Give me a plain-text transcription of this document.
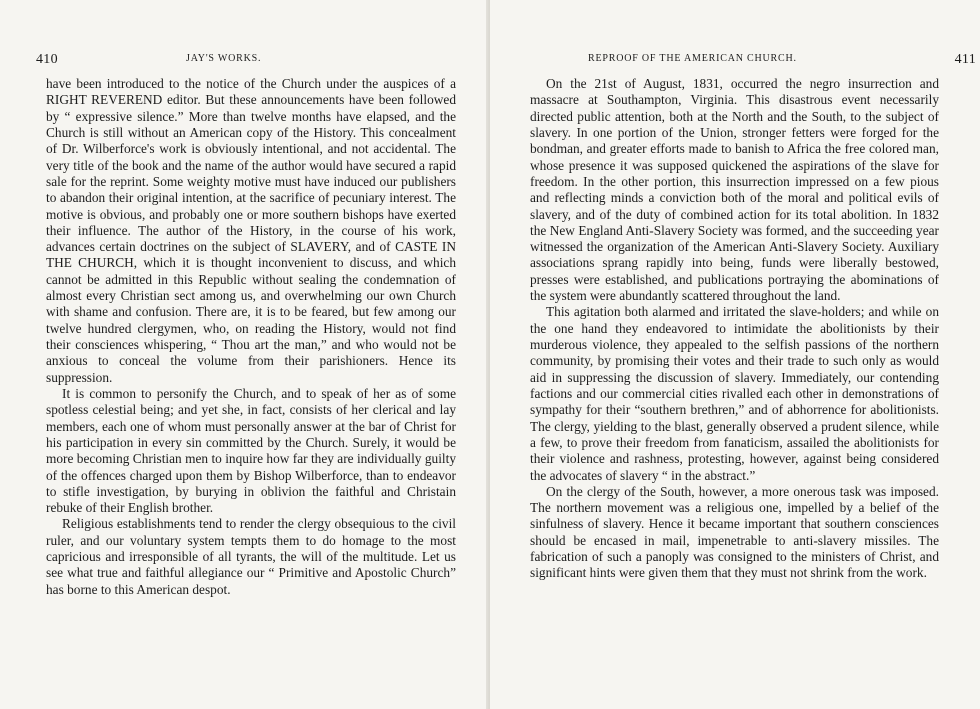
410	JAY'S WORKS.

have been introduced to the notice of the Church under the auspices of a RIGHT REVEREND editor. But these announcements have been followed by “ expressive silence.” More than twelve months have elapsed, and the Church is still without an American copy of the History. This concealment of Dr. Wilberforce's work is obviously intentional, and not accidental. The very title of the book and the name of the author would have secured a rapid sale for the reprint. Some weighty motive must have induced our publishers to abandon their original intention, at the sacrifice of pecuniary interest. The motive is obvious, and probably one or more southern bishops have exerted their influence. The author of the History, in the course of his work, advances certain doctrines on the subject of SLAVERY, and of CASTE IN THE CHURCH, which it is thought inconvenient to discuss, and which cannot be admitted in this Republic without sealing the condemnation of almost every Christian sect among us, and overwhelming our own Church with shame and confusion. There are, it is to be feared, but few among our twelve hundred clergymen, who, on reading the History, would not find their consciences whispering, “ Thou art the man,” and who would not be anxious to conceal the volume from their parishioners. Hence its suppression.

It is common to personify the Church, and to speak of her as of some spotless celestial being; and yet she, in fact, consists of her clerical and lay members, each one of whom must personally answer at the bar of Christ for his participation in every sin committed by the Church. Surely, it would be more becoming Christian men to inquire how far they are individually guilty of the offences charged upon them by Bishop Wilberforce, than to endeavor to stifle investigation, by burying in oblivion the faithful and Christain rebuke of their English brother.

Religious establishments tend to render the clergy obsequious to the civil ruler, and our voluntary system tempts them to do homage to the most capricious and irresponsible of all tyrants, the will of the multitude. Let us see what true and faithful allegiance our “ Primitive and Apostolic Church” has borne to this American despot.

REPROOF OF THE AMERICAN CHURCH.	411

On the 21st of August, 1831, occurred the negro insurrection and massacre at Southampton, Virginia. This disastrous event necessarily directed public attention, both at the North and the South, to the subject of slavery. In one portion of the Union, stronger fetters were forged for the bondman, and greater efforts made to banish to Africa the free colored man, whose presence it was supposed quickened the aspirations of the slave for freedom. In the other portion, this insurrection impressed on a few pious and reflecting minds a conviction both of the moral and political evils of slavery, and of the duty of combined action for its total abolition. In 1832 the New England Anti-Slavery Society was formed, and the succeeding year witnessed the organization of the American Anti-Slavery Society. Auxiliary associations sprang rapidly into being, funds were liberally bestowed, presses were established, and publications portraying the abominations of the system were abundantly scattered throughout the land.

This agitation both alarmed and irritated the slave-holders; and while on the one hand they endeavored to intimidate the abolitionists by their murderous violence, they appealed to the selfish passions of the northern community, by promising their votes and their trade to such only as would aid in suppressing the discussion of slavery. Immediately, our contending factions and our commercial cities rivalled each other in demonstrations of sympathy for their “southern brethren,” and of abhorrence for abolitionists. The clergy, yielding to the blast, generally observed a prudent silence, while a few, to prove their freedom from fanaticism, assailed the abolitionists for their violence and rashness, protesting, however, against being considered the advocates of slavery “ in the abstract.”

On the clergy of the South, however, a more onerous task was imposed. The northern movement was a religious one, impelled by a belief of the sinfulness of slavery. Hence it became important that southern consciences should be encased in mail, impenetrable to anti-slavery missiles. The fabrication of such a panoply was consigned to the ministers of Christ, and significant hints were given them that they must not shrink from the work.
